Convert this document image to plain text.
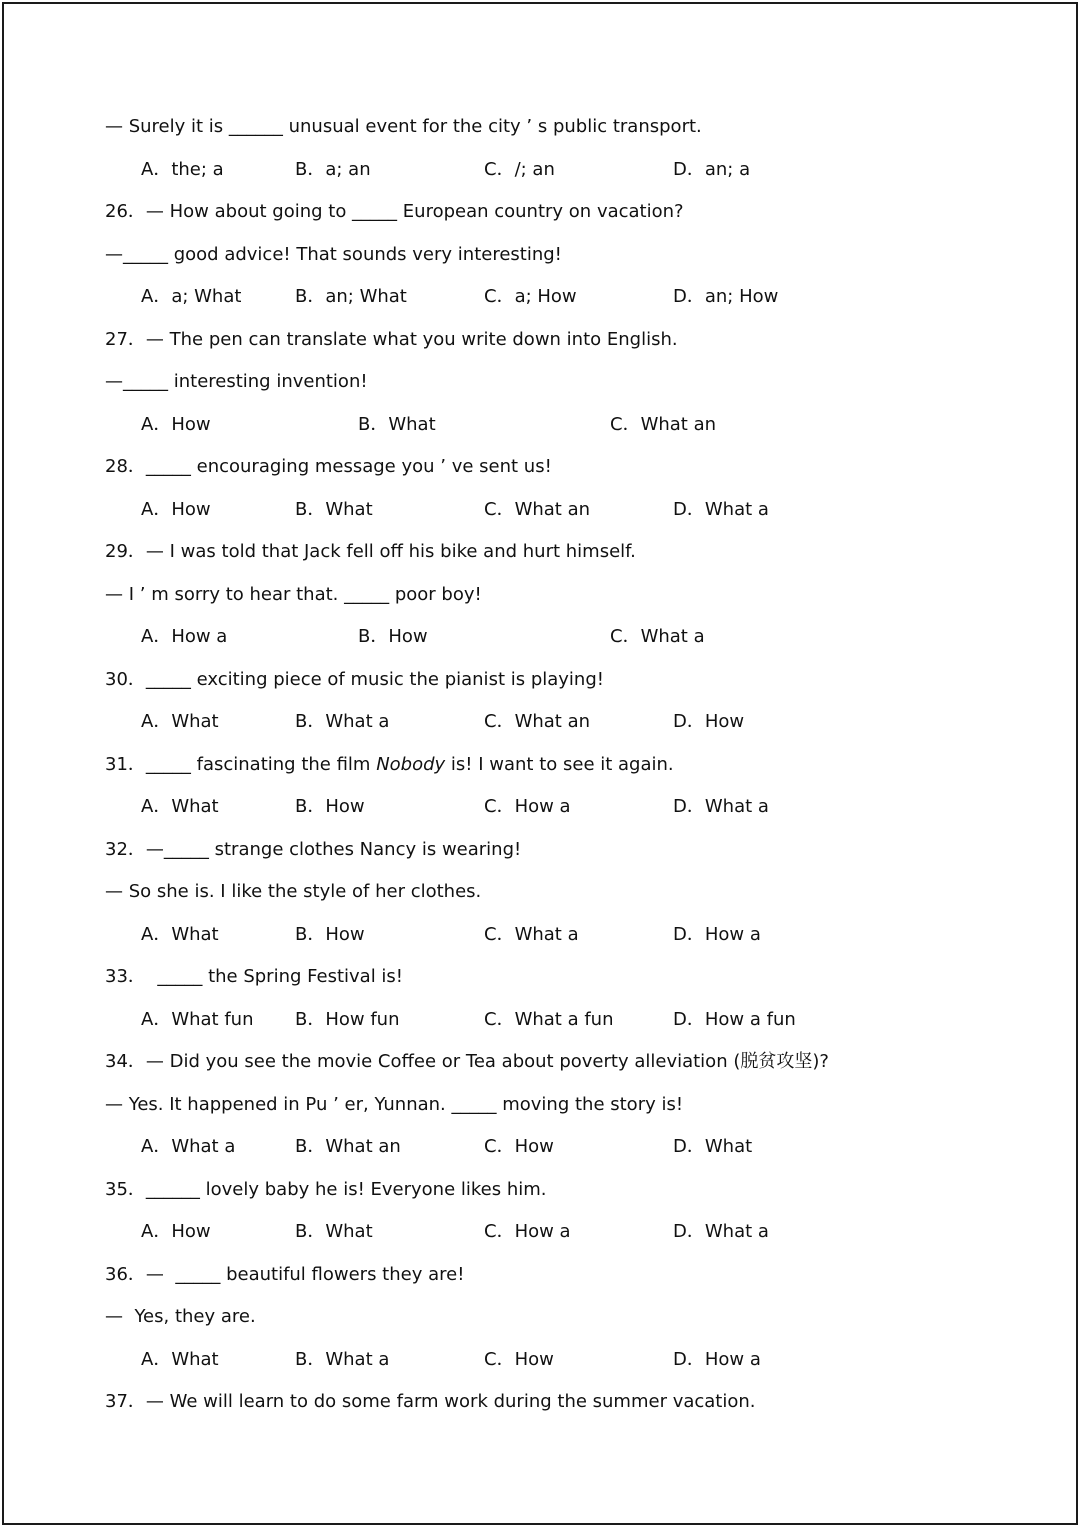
— Surely it is ______ unusual event for the city ’ s public transport.

A．the; a

	B．a; an

	C．/; an

	D．an; a

26．— How about going to _____ European country on vacation?
—_____ good advice! That sounds very interesting!

A．a; What

	B．an; What

	C．a; How

	D．an; How

27．— The pen can translate what you write down into English.
—_____ interesting invention!

A．How

	B．What

	C．What an

28．_____ encouraging message you ’ ve sent us!

A．How

	B．What

	C．What an

	D．What a

29．— I was told that Jack fell off his bike and hurt himself.
— I ’ m sorry to hear that. _____ poor boy!

A．How a

	B．How

	C．What a

30．_____ exciting piece of music the pianist is playing!

A．What

	B．What a

	C．What an

	D．How

31．_____ fascinating the film Nobody is! I want to see it again.

A．What

	B．How

	C．How a

	D．What a

32．—_____ strange clothes Nancy is wearing!
— So she is. I like the style of her clothes.

A．What

	B．How

	C．What a

	D．How a

33．  _____ the Spring Festival is!

A．What fun

B．How fun

	C．What a fun

	D．How a fun

34．— Did you see the movie Coffee or Tea about poverty alleviation (脱贫攻坚)?
— Yes. It happened in Pu ’ er, Yunnan. _____ moving the story is!

A．What a

	B．What an

	C．How

	D．What

35．______ lovely baby he is! Everyone likes him.

A．How

	B．What

	C．How a

	D．What a

36．—  _____ beautiful flowers they are!
—  Yes, they are.

A．What

	B．What a

	C．How

	D．How a

37．— We will learn to do some farm work during the summer vacation.
